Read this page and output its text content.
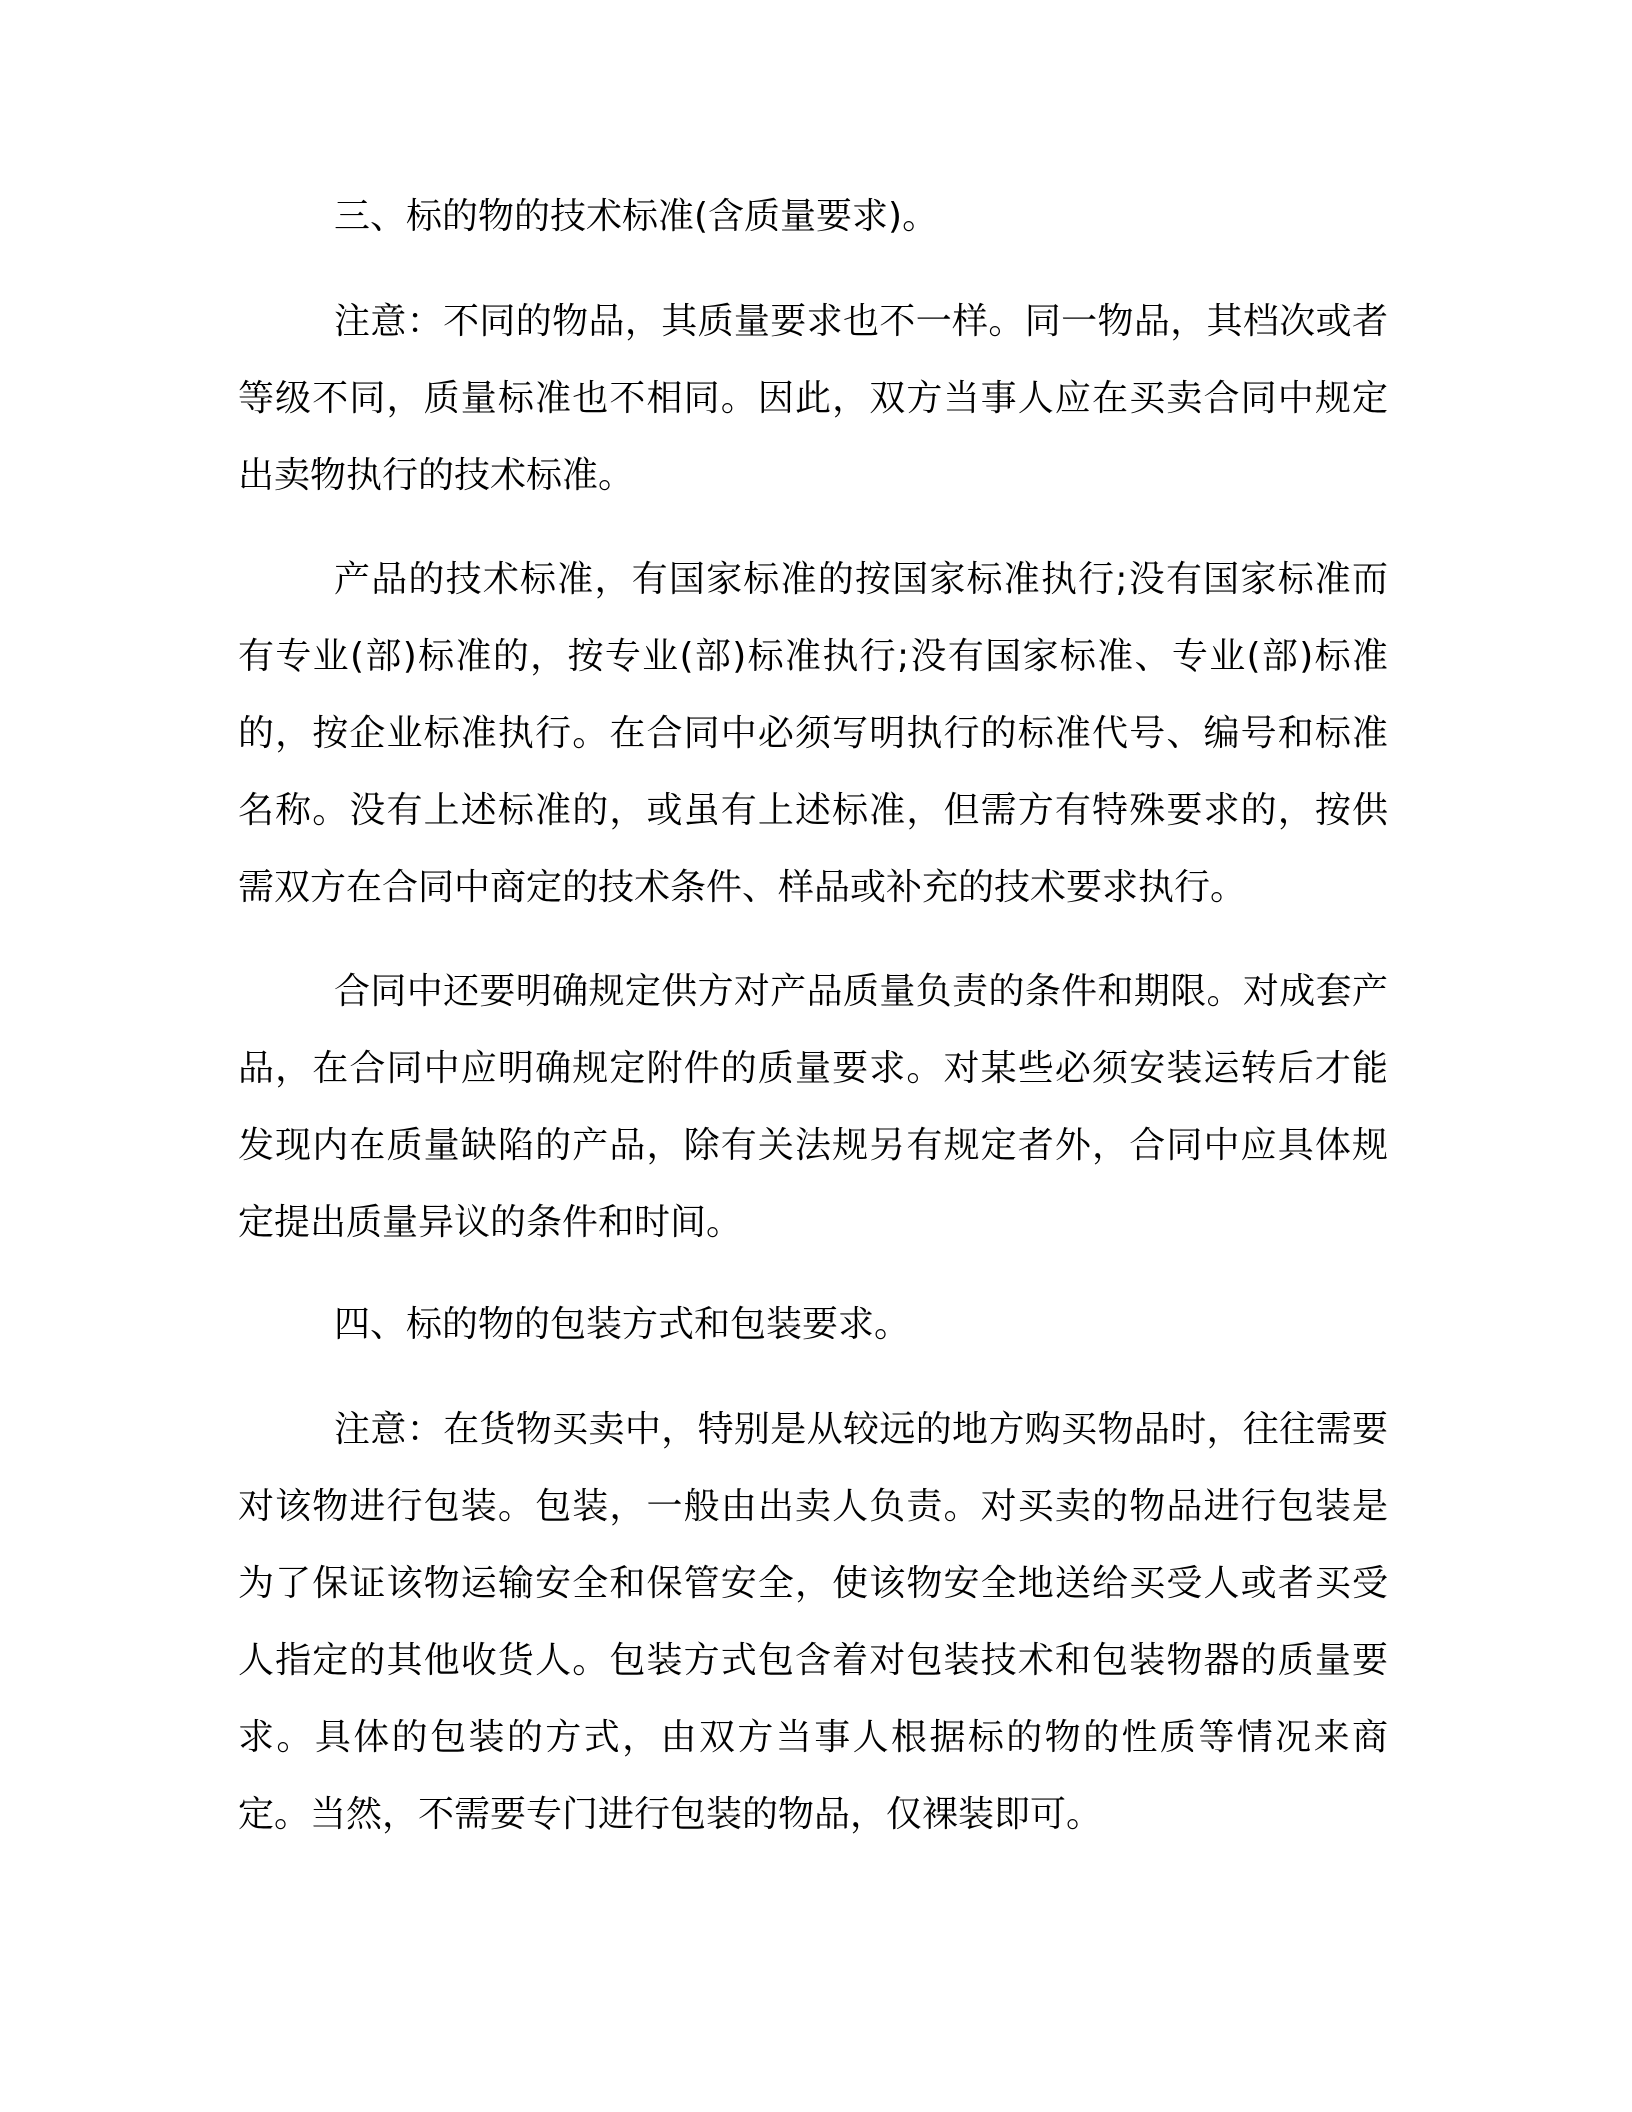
三、标的物的技术标准(含质量要求)。

注意：不同的物品，其质量要求也不一样。同一物品，其档次或者等级不同，质量标准也不相同。因此，双方当事人应在买卖合同中规定出卖物执行的技术标准。

产品的技术标准，有国家标准的按国家标准执行;没有国家标准而有专业(部)标准的，按专业(部)标准执行;没有国家标准、专业(部)标准的，按企业标准执行。在合同中必须写明执行的标准代号、编号和标准名称。没有上述标准的，或虽有上述标准，但需方有特殊要求的，按供需双方在合同中商定的技术条件、样品或补充的技术要求执行。

合同中还要明确规定供方对产品质量负责的条件和期限。对成套产品，在合同中应明确规定附件的质量要求。对某些必须安装运转后才能发现内在质量缺陷的产品，除有关法规另有规定者外，合同中应具体规定提出质量异议的条件和时间。

四、标的物的包装方式和包装要求。

注意：在货物买卖中，特别是从较远的地方购买物品时，往往需要对该物进行包装。包装，一般由出卖人负责。对买卖的物品进行包装是为了保证该物运输安全和保管安全，使该物安全地送给买受人或者买受人指定的其他收货人。包装方式包含着对包装技术和包装物器的质量要求。具体的包装的方式，由双方当事人根据标的物的性质等情况来商定。当然，不需要专门进行包装的物品，仅裸装即可。
